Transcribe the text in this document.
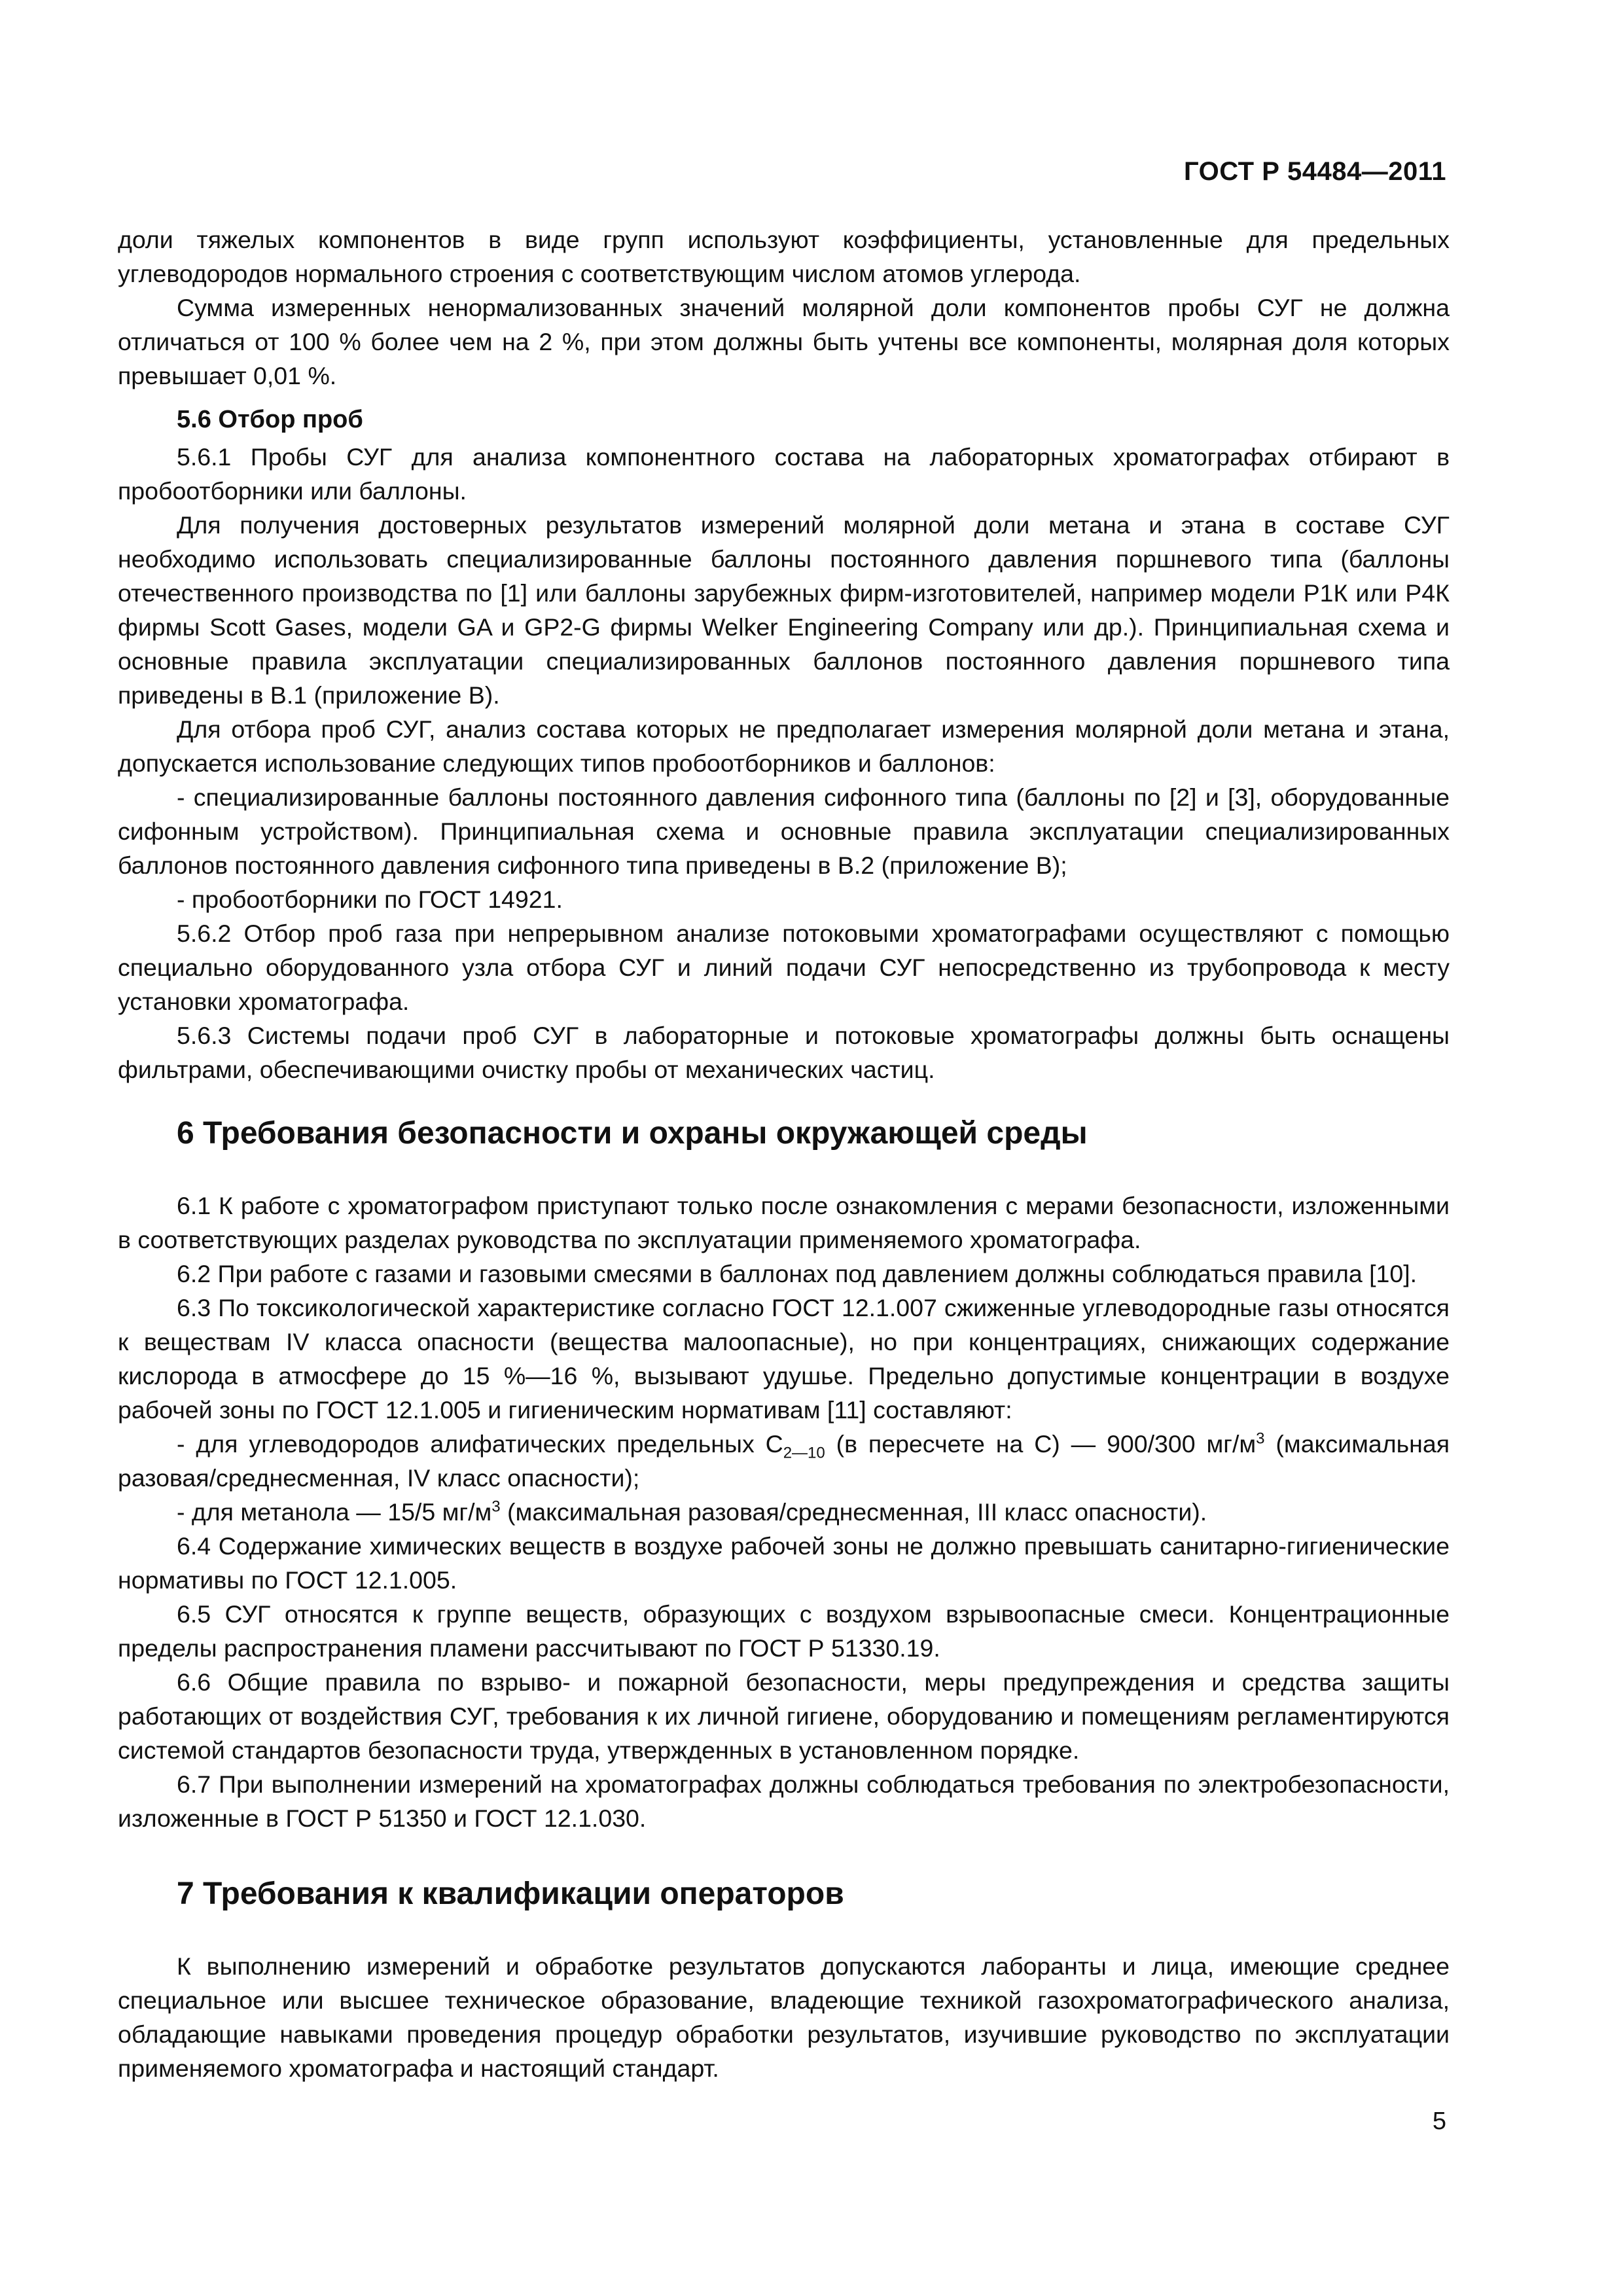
ГОСТ Р 54484—2011

доли тяжелых компонентов в виде групп используют коэффициенты, установленные для предельных углеводородов нормального строения с соответствующим числом атомов углерода.

Сумма измеренных ненормализованных значений молярной доли компонентов пробы СУГ не должна отличаться от 100 % более чем на 2 %, при этом должны быть учтены все компоненты, молярная доля которых превышает 0,01 %.

5.6 Отбор проб

5.6.1 Пробы СУГ для анализа компонентного состава на лабораторных хроматографах отбирают в пробоотборники или баллоны.

Для получения достоверных результатов измерений молярной доли метана и этана в составе СУГ необходимо использовать специализированные баллоны постоянного давления поршневого типа (баллоны отечественного производства по [1] или баллоны зарубежных фирм-изготовителей, например модели Р1К или Р4К фирмы Scott Gases, модели GA и GP2-G фирмы Welker Engineering Company или др.). Принципиальная схема и основные правила эксплуатации специализированных баллонов постоянного давления поршневого типа приведены в В.1 (приложение В).

Для отбора проб СУГ, анализ состава которых не предполагает измерения молярной доли метана и этана, допускается использование следующих типов пробоотборников и баллонов:

- специализированные баллоны постоянного давления сифонного типа (баллоны по [2] и [3], оборудованные сифонным устройством). Принципиальная схема и основные правила эксплуатации специализированных баллонов постоянного давления сифонного типа приведены в В.2 (приложение В);

- пробоотборники по ГОСТ 14921.

5.6.2 Отбор проб газа при непрерывном анализе потоковыми хроматографами осуществляют с помощью специально оборудованного узла отбора СУГ и линий подачи СУГ непосредственно из трубопровода к месту установки хроматографа.

5.6.3 Системы подачи проб СУГ в лабораторные и потоковые хроматографы должны быть оснащены фильтрами, обеспечивающими очистку пробы от механических частиц.

6 Требования безопасности и охраны окружающей среды

6.1 К работе с хроматографом приступают только после ознакомления с мерами безопасности, изложенными в соответствующих разделах руководства по эксплуатации применяемого хроматографа.

6.2 При работе с газами и газовыми смесями в баллонах под давлением должны соблюдаться правила [10].

6.3 По токсикологической характеристике согласно ГОСТ 12.1.007 сжиженные углеводородные газы относятся к веществам IV класса опасности (вещества малоопасные), но при концентрациях, снижающих содержание кислорода в атмосфере до 15 %—16 %, вызывают удушье. Предельно допустимые концентрации в воздухе рабочей зоны по ГОСТ 12.1.005 и гигиеническим нормативам [11] составляют:

- для углеводородов алифатических предельных $С_{2—10}$ (в пересчете на С) — 900/300 $мг/м^3$ (максимальная разовая/среднесменная, IV класс опасности);

- для метанола — 15/5 $мг/м^3$ (максимальная разовая/среднесменная, III класс опасности).

6.4 Содержание химических веществ в воздухе рабочей зоны не должно превышать санитарно-гигиенические нормативы по ГОСТ 12.1.005.

6.5 СУГ относятся к группе веществ, образующих с воздухом взрывоопасные смеси. Концентрационные пределы распространения пламени рассчитывают по ГОСТ Р 51330.19.

6.6 Общие правила по взрыво- и пожарной безопасности, меры предупреждения и средства защиты работающих от воздействия СУГ, требования к их личной гигиене, оборудованию и помещениям регламентируются системой стандартов безопасности труда, утвержденных в установленном порядке.

6.7 При выполнении измерений на хроматографах должны соблюдаться требования по электробезопасности, изложенные в ГОСТ Р 51350 и ГОСТ 12.1.030.

7 Требования к квалификации операторов

К выполнению измерений и обработке результатов допускаются лаборанты и лица, имеющие среднее специальное или высшее техническое образование, владеющие техникой газохроматографического анализа, обладающие навыками проведения процедур обработки результатов, изучившие руководство по эксплуатации применяемого хроматографа и настоящий стандарт.

5
